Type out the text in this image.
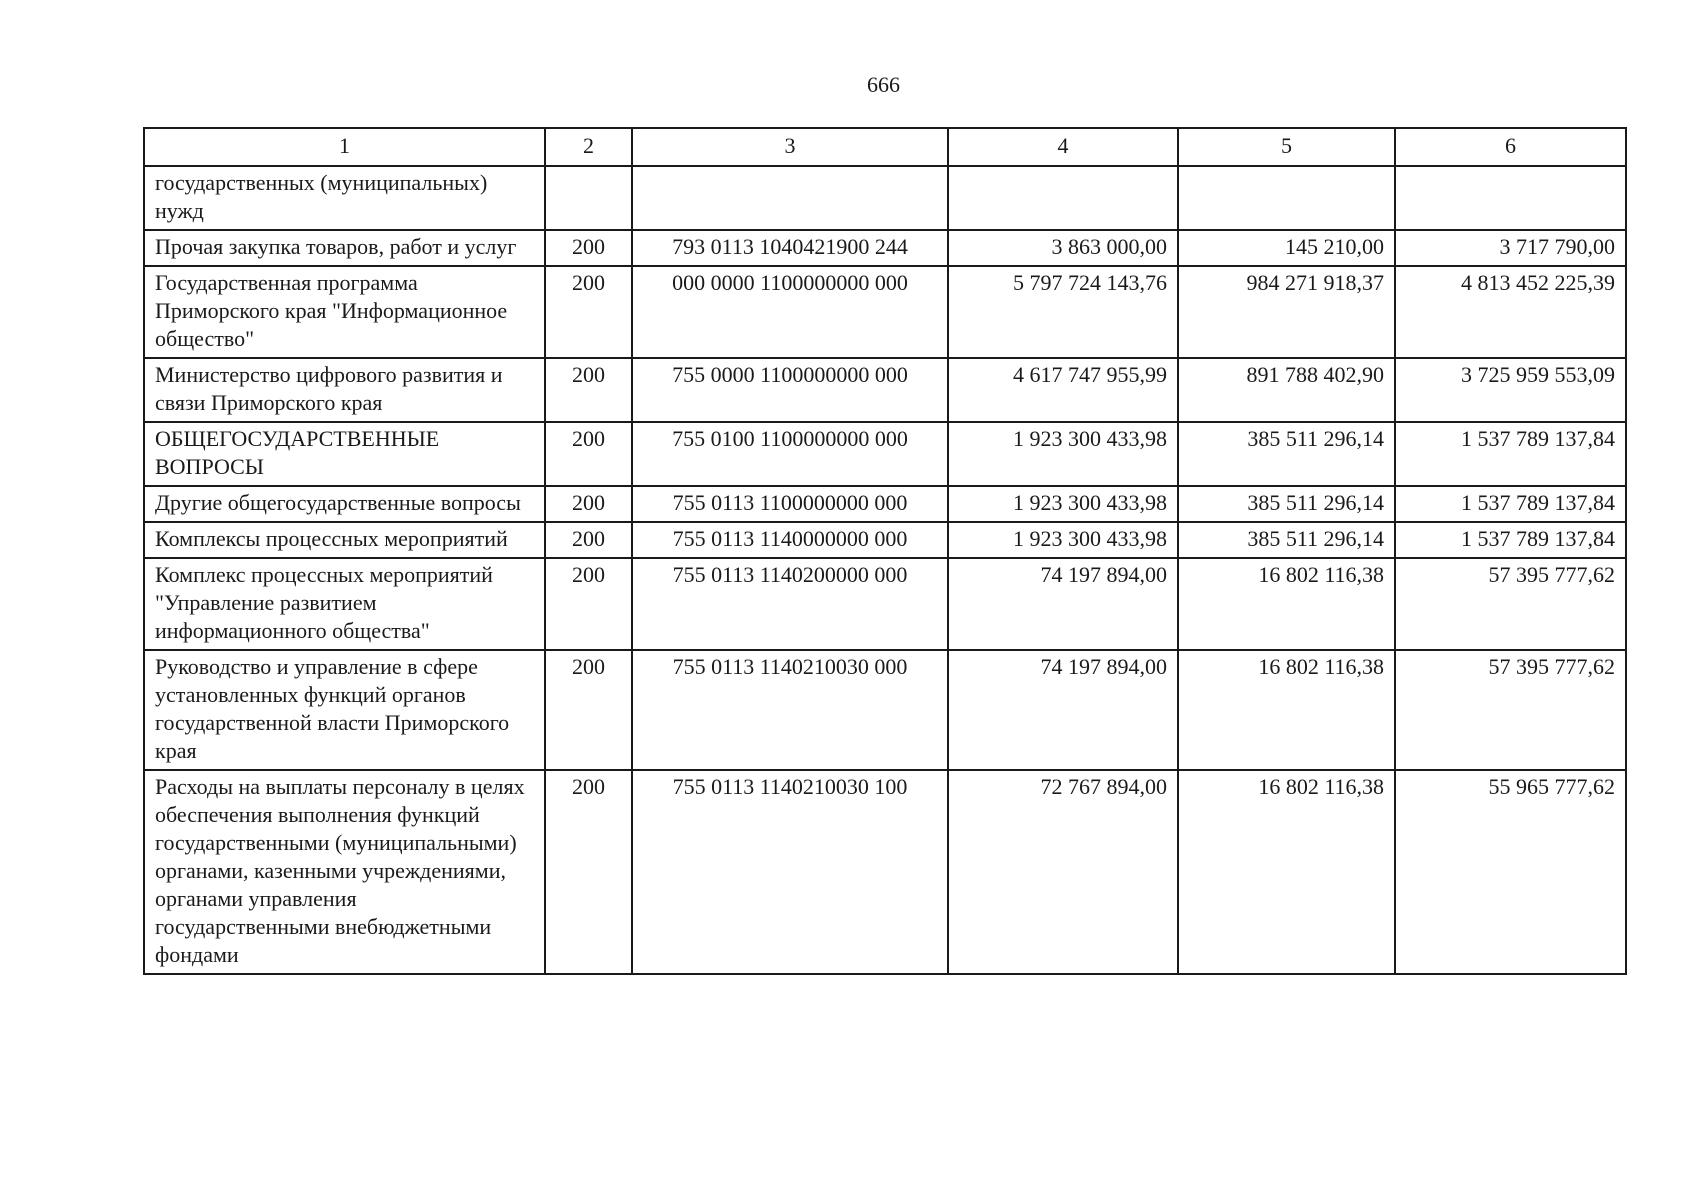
666
1	2	3	4	5	6
государственных (муниципальных) нужд					
Прочая закупка товаров, работ и услуг	200	793 0113 1040421900 244	3 863 000,00	145 210,00	3 717 790,00
Государственная программа Приморского края "Информационное общество"	200	000 0000 1100000000 000	5 797 724 143,76	984 271 918,37	4 813 452 225,39
Министерство цифрового развития и связи Приморского края	200	755 0000 1100000000 000	4 617 747 955,99	891 788 402,90	3 725 959 553,09
ОБЩЕГОСУДАРСТВЕННЫЕ ВОПРОСЫ	200	755 0100 1100000000 000	1 923 300 433,98	385 511 296,14	1 537 789 137,84
Другие общегосударственные вопросы	200	755 0113 1100000000 000	1 923 300 433,98	385 511 296,14	1 537 789 137,84
Комплексы процессных мероприятий	200	755 0113 1140000000 000	1 923 300 433,98	385 511 296,14	1 537 789 137,84
Комплекс процессных мероприятий "Управление развитием информационного общества"	200	755 0113 1140200000 000	74 197 894,00	16 802 116,38	57 395 777,62
Руководство и управление в сфере установленных функций органов государственной власти Приморского края	200	755 0113 1140210030 000	74 197 894,00	16 802 116,38	57 395 777,62
Расходы на выплаты персоналу в целях обеспечения выполнения функций государственными (муниципальными) органами, казенными учреждениями, органами управления государственными внебюджетными фондами	200	755 0113 1140210030 100	72 767 894,00	16 802 116,38	55 965 777,62
